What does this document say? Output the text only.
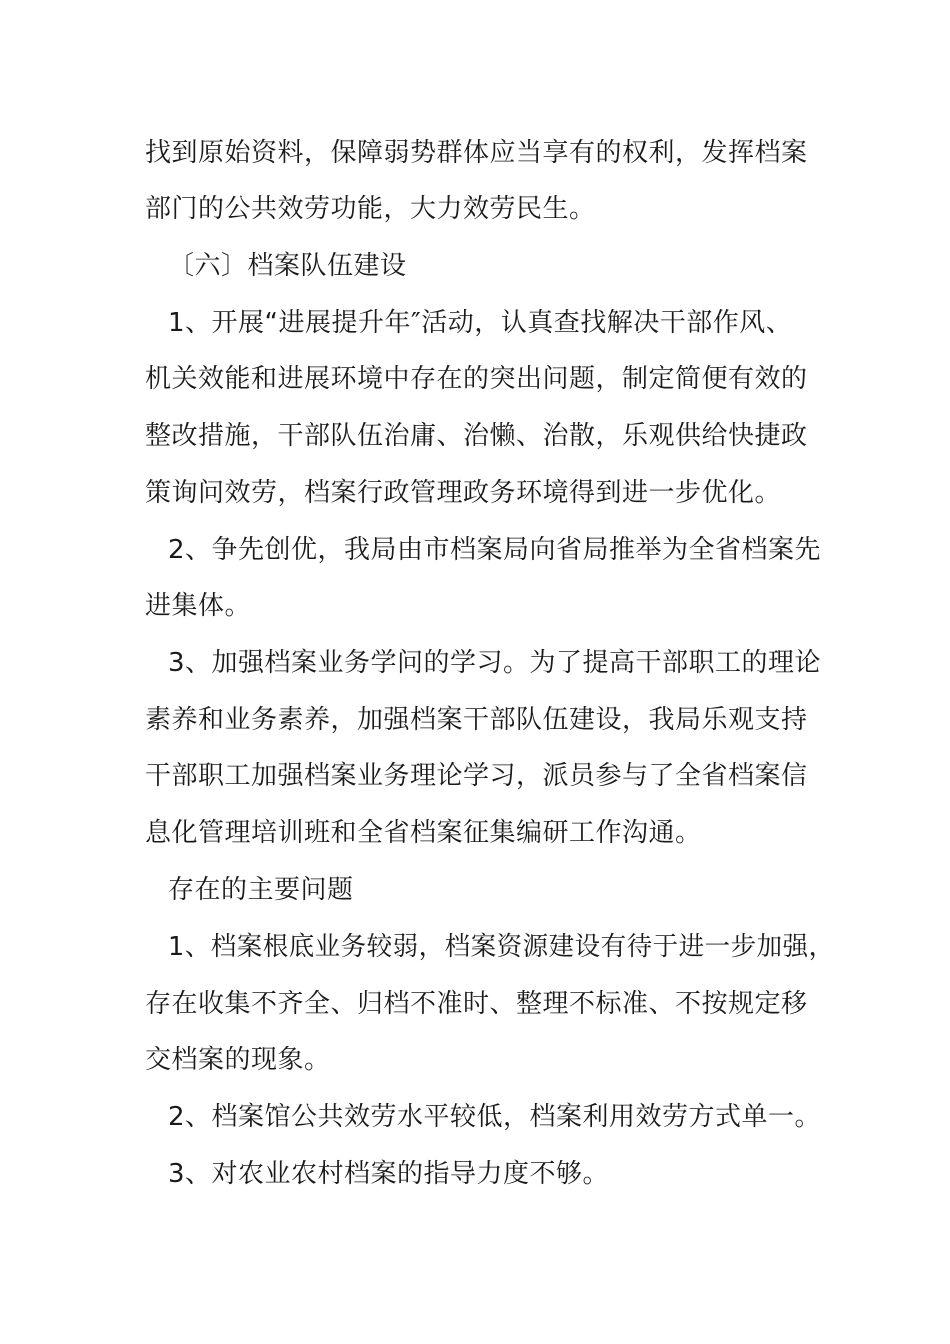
找到原始资料，保障弱势群体应当享有的权利，发挥档案
部门的公共效劳功能，大力效劳民生。
〔六〕档案队伍建设
1、开展“进展提升年″活动，认真查找解决干部作风、
机关效能和进展环境中存在的突出问题，制定简便有效的
整改措施，干部队伍治庸、治懒、治散，乐观供给快捷政
策询问效劳，档案行政管理政务环境得到进一步优化。
2、争先创优，我局由市档案局向省局推举为全省档案先
进集体。
3、加强档案业务学问的学习。为了提高干部职工的理论
素养和业务素养，加强档案干部队伍建设，我局乐观支持
干部职工加强档案业务理论学习，派员参与了全省档案信
息化管理培训班和全省档案征集编研工作沟通。
存在的主要问题
1、档案根底业务较弱，档案资源建设有待于进一步加强，
存在收集不齐全、归档不准时、整理不标准、不按规定移
交档案的现象。
2、档案馆公共效劳水平较低，档案利用效劳方式单一。
3、对农业农村档案的指导力度不够。
